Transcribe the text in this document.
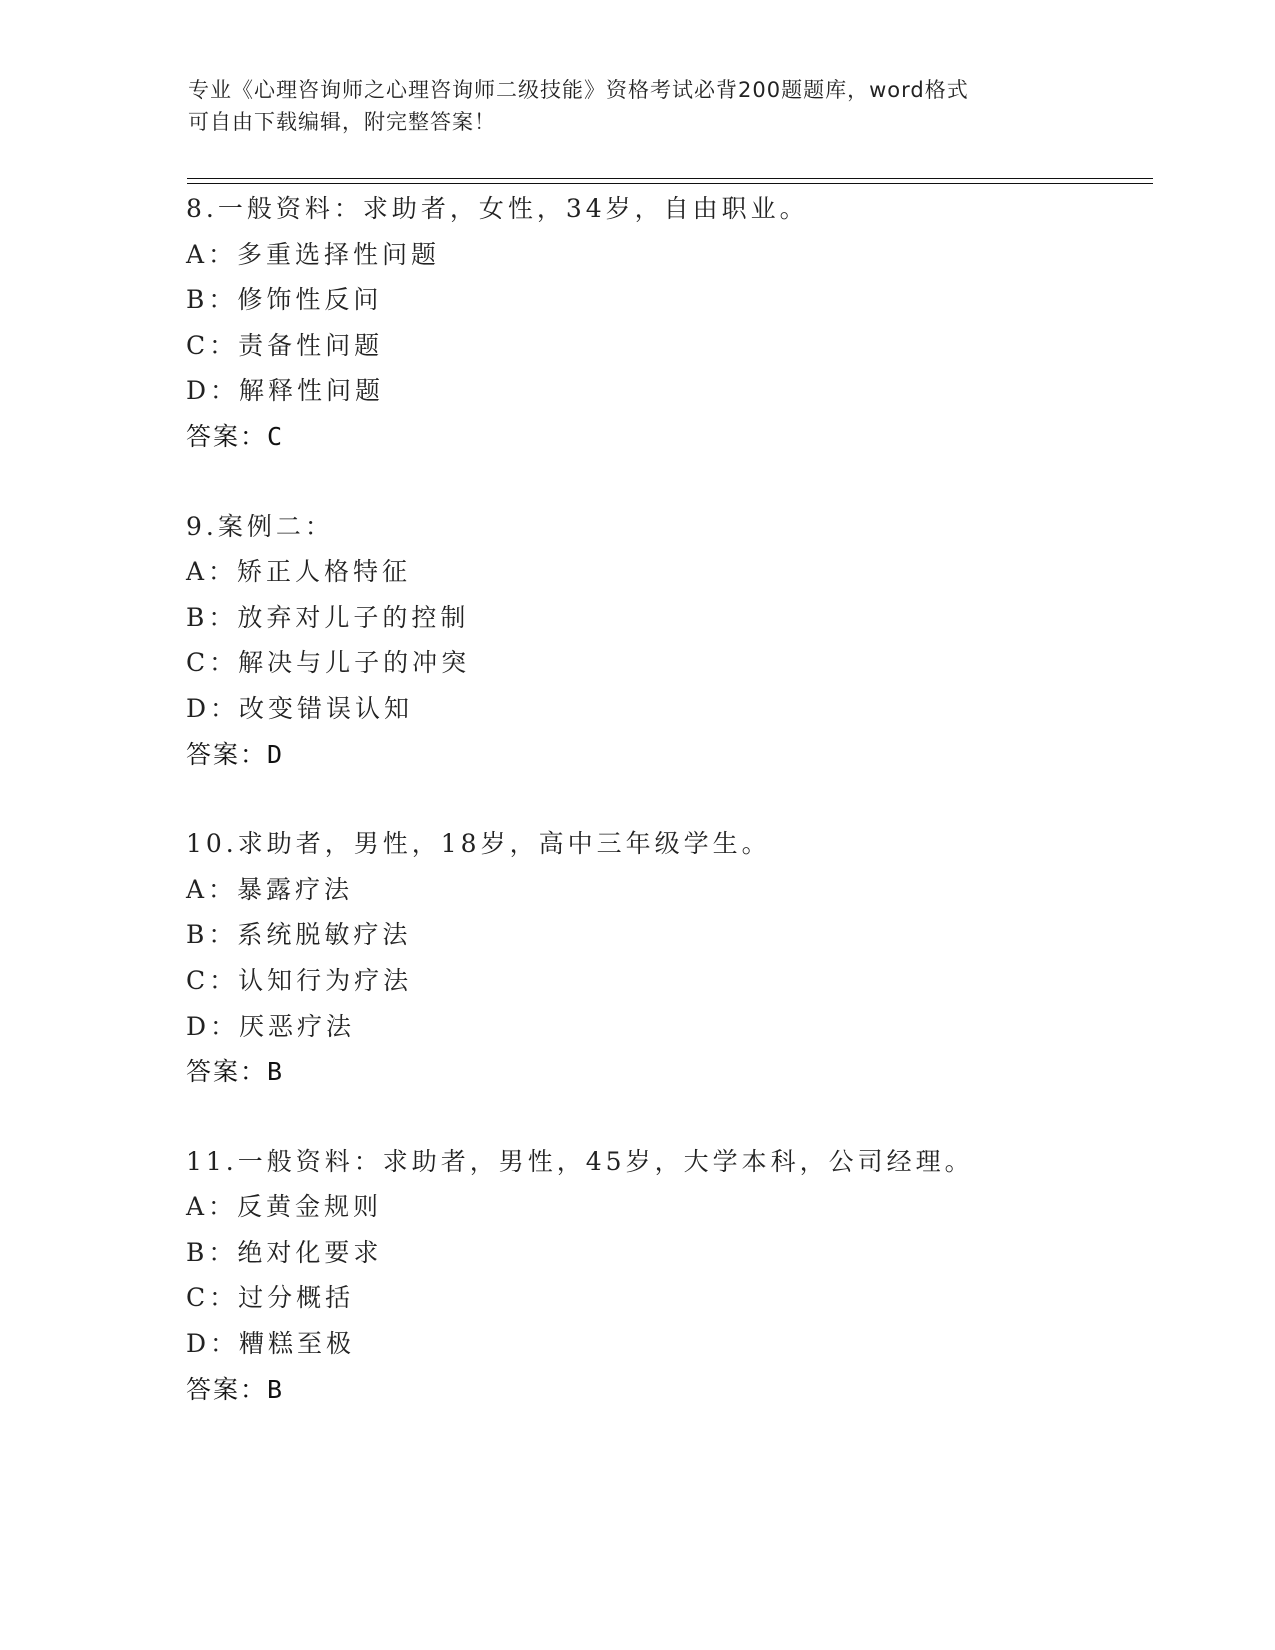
专业《心理咨询师之心理咨询师二级技能》资格考试必背200题题库，word格式
可自由下载编辑，附完整答案！
8.一般资料：求助者，女性，34岁，自由职业。
A：多重选择性问题
B：修饰性反问
C：责备性问题
D：解释性问题
答案：C
9.案例二：
A：矫正人格特征
B：放弃对儿子的控制
C：解决与儿子的冲突
D：改变错误认知
答案：D
10.求助者，男性，18岁，高中三年级学生。
A：暴露疗法
B：系统脱敏疗法
C：认知行为疗法
D：厌恶疗法
答案：B
11.一般资料：求助者，男性，45岁，大学本科，公司经理。
A：反黄金规则
B：绝对化要求
C：过分概括
D：糟糕至极
答案：B
